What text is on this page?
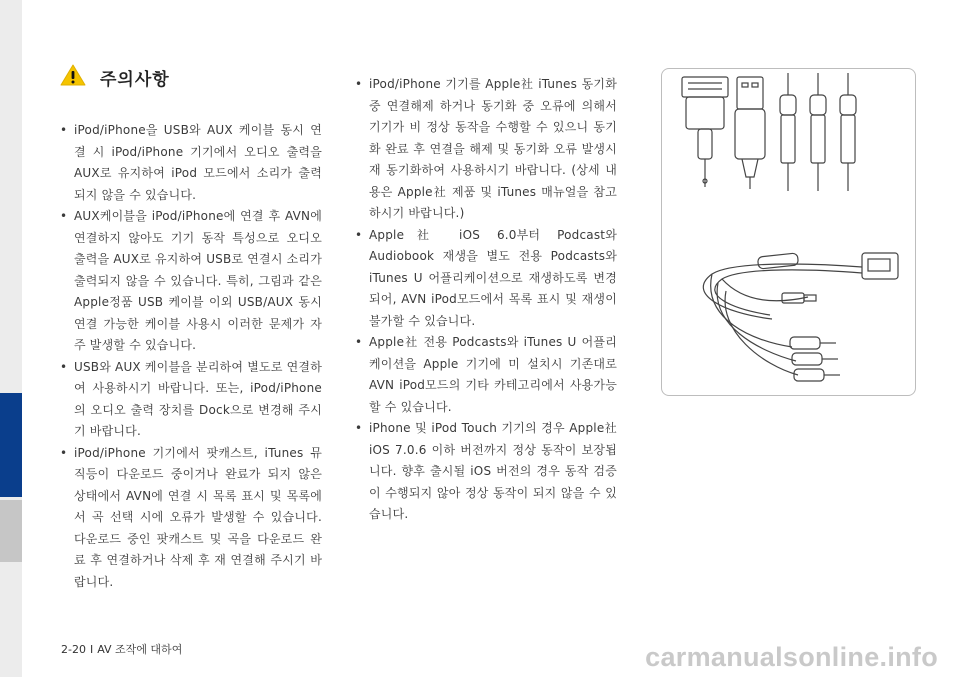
주의사항
• iPod/iPhone을 USB와 AUX 케이블 동시 연결 시 iPod/iPhone 기기에서 오디오 출력을 AUX로 유지하여 iPod 모드에서 소리가 출력되지 않을 수 있습니다.
• AUX케이블을 iPod/iPhone에 연결 후 AVN에 연결하지 않아도 기기 동작 특성으로 오디오 출력을 AUX로 유지하여 USB로 연결시 소리가 출력되지 않을 수 있습니다. 특히, 그림과 같은 Apple정품 USB 케이블 이외 USB/AUX 동시 연결 가능한 케이블 사용시 이러한 문제가 자주 발생할 수 있습니다.
• USB와 AUX 케이블을 분리하여 별도로 연결하여 사용하시기 바랍니다. 또는, iPod/iPhone의 오디오 출력 장치를 Dock으로 변경해 주시기 바랍니다.
• iPod/iPhone 기기에서 팟캐스트, iTunes 뮤직등이 다운로드 중이거나 완료가 되지 않은 상태에서 AVN에 연결 시 목록 표시 및 목록에서 곡 선택 시에 오류가 발생할 수 있습니다. 다운로드 중인 팟캐스트 및 곡을 다운로드 완료 후 연결하거나 삭제 후 재 연결해 주시기 바랍니다.
• iPod/iPhone 기기를 Apple社 iTunes 동기화 중 연결해제 하거나 동기화 중 오류에 의해서 기기가 비 정상 동작을 수행할 수 있으니 동기화 완료 후 연결을 해제 및 동기화 오류 발생시 재 동기화하여 사용하시기 바랍니다. (상세 내용은 Apple社 제품 및 iTunes 매뉴얼을 참고하시기 바랍니다.)
• Apple社 iOS 6.0부터 Podcast와 Audiobook 재생을 별도 전용 Podcasts와 iTunes U 어플리케이션으로 재생하도록 변경되어, AVN iPod모드에서 목록 표시 및 재생이 불가할 수 있습니다.
• Apple社 전용 Podcasts와 iTunes U 어플리케이션을 Apple 기기에 미 설치시 기존대로 AVN iPod모드의 기타 카테고리에서 사용가능할 수 있습니다.
• iPhone 및 iPod Touch 기기의 경우 Apple社 iOS 7.0.6 이하 버전까지 정상 동작이 보장됩니다. 향후 출시될 iOS 버전의 경우 동작 검증이 수행되지 않아 정상 동작이 되지 않을 수 있습니다.
2-20 I AV 조작에 대하여	carmanualsonline.info
